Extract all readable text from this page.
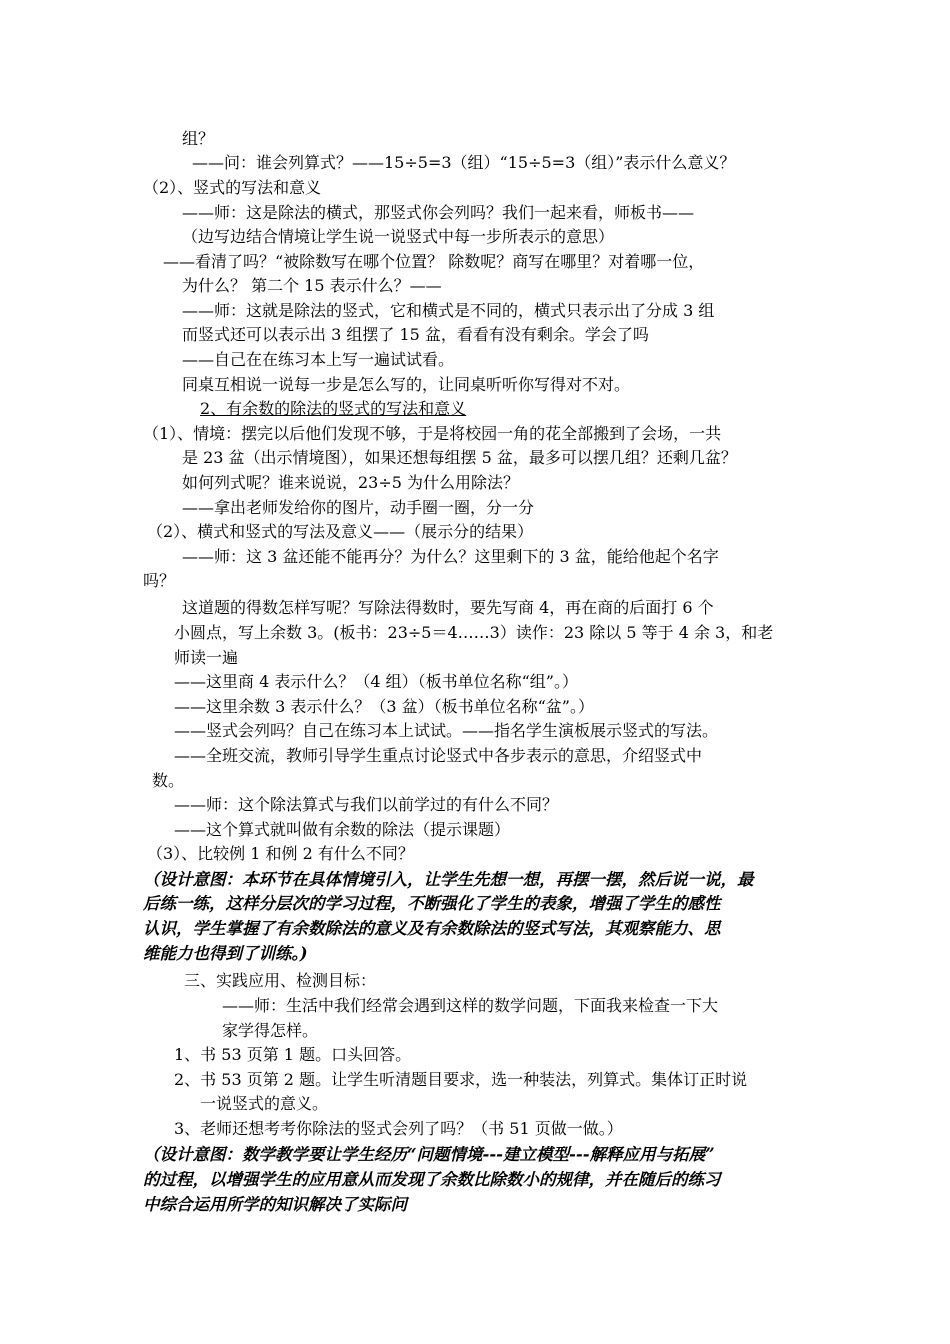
组？
——问：谁会列算式？——15÷5=3（组）“15÷5=3（组）”表示什么意义？
（2）、竖式的写法和意义
——师：这是除法的横式，那竖式你会列吗？我们一起来看，师板书——
（边写边结合情境让学生说一说竖式中每一步所表示的意思）
——看清了吗？“被除数写在哪个位置？ 除数呢？商写在哪里？对着哪一位，
为什么？ 第二个 15 表示什么？——
——师：这就是除法的竖式，它和横式是不同的，横式只表示出了分成 3 组
而竖式还可以表示出 3 组摆了 15 盆，看看有没有剩余。学会了吗
——自己在在练习本上写一遍试试看。
同桌互相说一说每一步是怎么写的，让同桌听听你写得对不对。
2、有余数的除法的竖式的写法和意义
（1）、情境：摆完以后他们发现不够，于是将校园一角的花全部搬到了会场，一共
是 23 盆（出示情境图），如果还想每组摆 5 盆，最多可以摆几组？还剩几盆？
如何列式呢？谁来说说，23÷5 为什么用除法？
——拿出老师发给你的图片，动手圈一圈，分一分
（2）、横式和竖式的写法及意义——（展示分的结果）
——师：这 3 盆还能不能再分？为什么？这里剩下的 3 盆，能给他起个名字
吗？
这道题的得数怎样写呢？写除法得数时，要先写商 4，再在商的后面打 6 个
小圆点，写上余数 3。(板书：23÷5＝4……3）读作：23 除以 5 等于 4 余 3，和老
师读一遍
——这里商 4 表示什么？（4 组）（板书单位名称“组”。）
——这里余数 3 表示什么？（3 盆）（板书单位名称“盆”。）
——竖式会列吗？自己在练习本上试试。——指名学生演板展示竖式的写法。
——全班交流，教师引导学生重点讨论竖式中各步表示的意思，介绍竖式中
数。
——师：这个除法算式与我们以前学过的有什么不同？
——这个算式就叫做有余数的除法（提示课题）
（3）、比较例 1 和例 2 有什么不同？
（设计意图：本环节在具体情境引入，让学生先想一想，再摆一摆，然后说一说，最
后练一练，这样分层次的学习过程，不断强化了学生的表象，增强了学生的感性
认识，学生掌握了有余数除法的意义及有余数除法的竖式写法，其观察能力、思
维能力也得到了训练。)
三、实践应用、检测目标：
——师：生活中我们经常会遇到这样的数学问题，下面我来检查一下大
家学得怎样。
1、书 53 页第 1 题。口头回答。
2、书 53 页第 2 题。让学生听清题目要求，选一种装法，列算式。集体订正时说
一说竖式的意义。
3、老师还想考考你除法的竖式会列了吗？（书 51 页做一做。）
（设计意图：数学教学要让学生经历“问题情境---建立模型---解释应用与拓展”
的过程，以增强学生的应用意从而发现了余数比除数小的规律，并在随后的练习
中综合运用所学的知识解决了实际问
